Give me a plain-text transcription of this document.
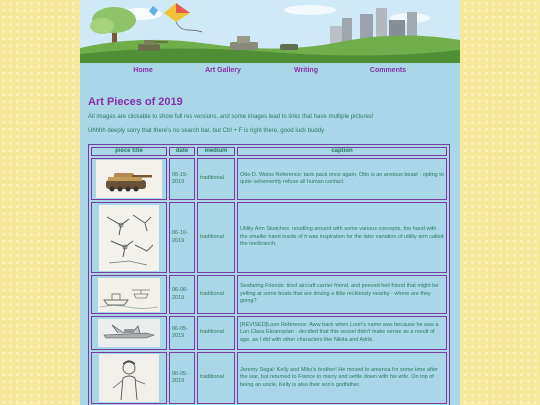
Home	Art Gallery	Writing	Comments
Art Pieces of 2019
All images are clickable to show full res versions, and some images lead to links that have multiple pictures!
Uhhhh deeply sorry that there's no search bar, but Ctrl + F is right there, good luck buddy
piece title	date	medium	caption

	06-15-
2019	traditional	Otto D. Weiss Reference: tank pack once again, Otto is an anxious beast - opting to quite vehemently refuse all human contact.

	06-10-
2019	traditional	Utility Arm Sketches: noodling around with some various concepts, the hand with the smaller hand inside of it was inspiration for the later variation of utility arm called the tee/branch.

	06-06-
2019	traditional	Seafaring Friends: tired aircraft carrier friend, and peeved heli friend that might be yelling at some boats that are driving a little recklessly nearby - where are they going?

	06-05-
2019	traditional	[REVISED]Loon Reference: Aww back when Loon's name was because he was a Lun Class Ekranoplan - decided that this vessel didn't make sense as a result of age, as I did with other characters like Nikita and Adrik.

	06-05-
2019	traditional	Jeremy Segal: Kelly and Miko's brother! He moved to america for some time after the war, but returned to France to marry and settle down with his wife. On top of being an uncle, Kelly is also their son's godfather.
